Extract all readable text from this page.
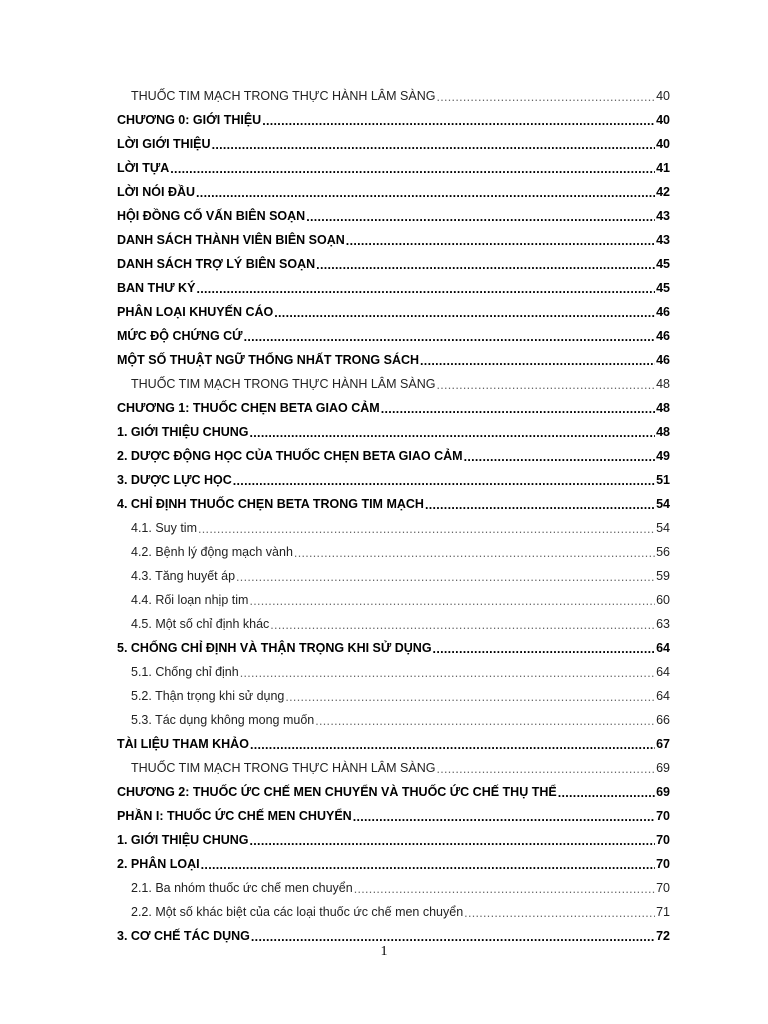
THUỐC TIM MẠCH TRONG THỰC HÀNH LÂM SÀNG .....	40
CHƯƠNG 0: GIỚI THIỆU .....	40
LỜI GIỚI THIỆU .....	40
LỜI TỰA .....	41
LỜI NÓI ĐẦU .....	42
HỘI ĐỒNG CỐ VẤN BIÊN SOẠN .....	43
DANH SÁCH THÀNH VIÊN BIÊN SOẠN .....	43
DANH SÁCH TRỢ LÝ BIÊN SOẠN .....	45
BAN THƯ KÝ .....	45
PHÂN LOẠI KHUYẾN CÁO .....	46
MỨC ĐỘ CHỨNG CỨ .....	46
MỘT SỐ THUẬT NGỮ THỐNG NHẤT TRONG SÁCH .....	46
THUỐC TIM MẠCH TRONG THỰC HÀNH LÂM SÀNG .....	48
CHƯƠNG 1: THUỐC CHẸN BETA GIAO CẢM .....	48
1. GIỚI THIỆU CHUNG .....	48
2. DƯỢC ĐỘNG HỌC CỦA THUỐC CHẸN BETA GIAO CẢM .....	49
3. DƯỢC LỰC HỌC .....	51
4. CHỈ ĐỊNH THUỐC CHẸN BETA TRONG TIM MẠCH .....	54
4.1. Suy tim .....	54
4.2. Bệnh lý động mạch vành .....	56
4.3. Tăng huyết áp .....	59
4.4. Rối loạn nhịp tim .....	60
4.5. Một số chỉ định khác .....	63
5. CHỐNG CHỈ ĐỊNH VÀ THẬN TRỌNG KHI SỬ DỤNG .....	64
5.1. Chống chỉ định .....	64
5.2. Thận trọng khi sử dụng .....	64
5.3. Tác dụng không mong muốn .....	66
TÀI LIỆU THAM KHẢO .....	67
THUỐC TIM MẠCH TRONG THỰC HÀNH LÂM SÀNG .....	69
CHƯƠNG 2: THUỐC ỨC CHẾ MEN CHUYỂN VÀ THUỐC ỨC CHẾ THỤ THỂ .....	69
PHẦN I: THUỐC ỨC CHẾ MEN CHUYỂN .....	70
1. GIỚI THIỆU CHUNG .....	70
2. PHÂN LOẠI .....	70
2.1. Ba nhóm thuốc ức chế men chuyển .....	70
2.2. Một số khác biệt của các loại thuốc ức chế men chuyển .....	71
3. CƠ CHẾ TÁC DỤNG .....	72
1
